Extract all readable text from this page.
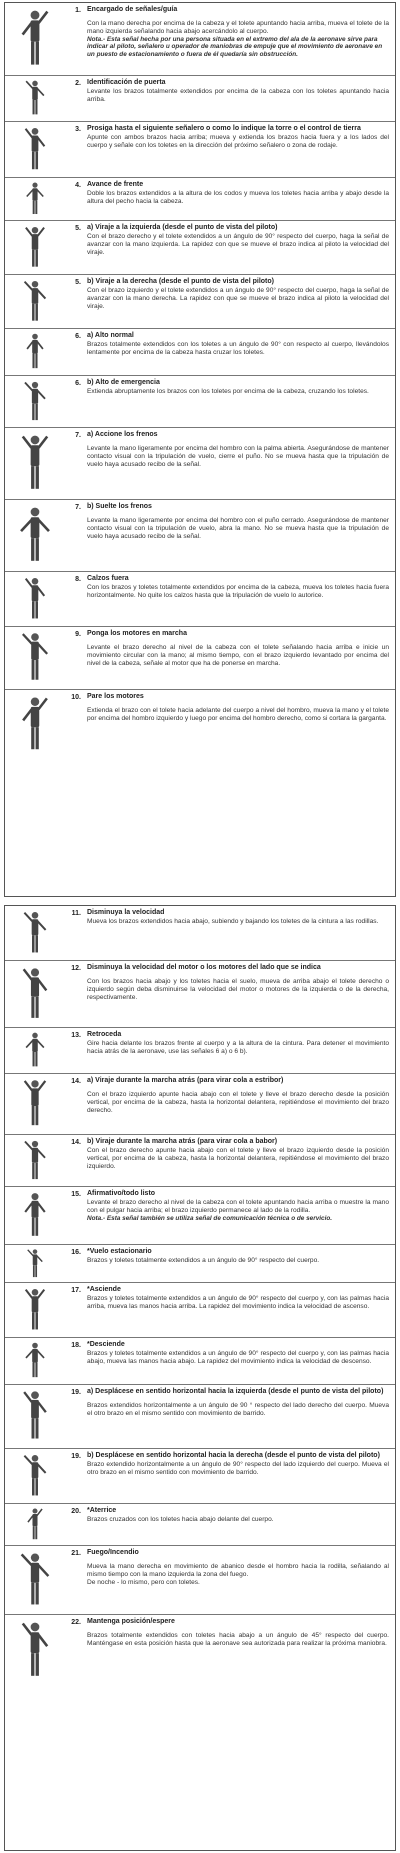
1. Encargado de señales/guía
Con la mano derecha por encima de la cabeza y el tolete apuntando hacia arriba, mueva el tolete de la mano izquierda señalando hacia abajo acercándolo al cuerpo.
Nota.- Esta señal hecha por una persona situada en el extremo del ala de la aeronave sirve para indicar al piloto, señalero u operador de maniobras de empuje que el movimiento de aeronave en un puesto de estacionamiento o fuera de él quedaría sin obstrucción.
2. Identificación de puerta
Levante los brazos totalmente extendidos por encima de la cabeza con los toletes apuntando hacia arriba.
3. Prosiga hasta el siguiente señalero o como lo indique la torre o el control de tierra
Apunte con ambos brazos hacia arriba; mueva y extienda los brazos hacia fuera y a los lados del cuerpo y señale con los toletes en la dirección del próximo señalero o zona de rodaje.
4. Avance de frente
Doble los brazos extendidos a la altura de los codos y mueva los toletes hacia arriba y abajo desde la altura del pecho hacia la cabeza.
5. a) Viraje a la izquierda (desde el punto de vista del piloto)
Con el brazo derecho y el tolete extendidos a un ángulo de 90° respecto del cuerpo, haga la señal de avanzar con la mano izquierda. La rapidez con que se mueve el brazo indica al piloto la velocidad del viraje.
5. b) Viraje a la derecha (desde el punto de vista del piloto)
Con el brazo izquierdo y el tolete extendidos a un ángulo de 90° respecto del cuerpo, haga la señal de avanzar con la mano derecha. La rapidez con que se mueve el brazo indica al piloto la velocidad del viraje.
6. a) Alto normal
Brazos totalmente extendidos con los toletes a un ángulo de 90° con respecto al cuerpo, llevándolos lentamente por encima de la cabeza hasta cruzar los toletes.
6. b) Alto de emergencia
Extienda abruptamente los brazos con los toletes por encima de la cabeza, cruzando los toletes.
7. a) Accione los frenos
Levante la mano ligeramente por encima del hombro con la palma abierta. Asegurándose de mantener contacto visual con la tripulación de vuelo, cierre el puño. No se mueva hasta que la tripulación de vuelo haya acusado recibo de la señal.
7. b) Suelte los frenos
Levante la mano ligeramente por encima del hombro con el puño cerrado. Asegurándose de mantener contacto visual con la tripulación de vuelo, abra la mano. No se mueva hasta que la tripulación de vuelo haya acusado recibo de la señal.
8. Calzos fuera
Con los brazos y toletes totalmente extendidos por encima de la cabeza, mueva los toletes hacia fuera horizontalmente. No quite los calzos hasta que la tripulación de vuelo lo autorice.
9. Ponga los motores en marcha
Levante el brazo derecho al nivel de la cabeza con el tolete señalando hacia arriba e inicie un movimiento circular con la mano; al mismo tiempo, con el brazo izquierdo levantado por encima del nivel de la cabeza, señale al motor que ha de ponerse en marcha.
10. Pare los motores
Extienda el brazo con el tolete hacia adelante del cuerpo a nivel del hombro, mueva la mano y el tolete por encima del hombro izquierdo y luego por encima del hombro derecho, como si cortara la garganta.
11. Disminuya la velocidad
Mueva los brazos extendidos hacia abajo, subiendo y bajando los toletes de la cintura a las rodillas.
12. Disminuya la velocidad del motor o los motores del lado que se indica
Con los brazos hacia abajo y los toletes hacia el suelo, mueva de arriba abajo el tolete derecho o izquierdo según deba disminuirse la velocidad del motor o motores de la izquierda o de la derecha, respectivamente.
13. Retroceda
Gire hacia delante los brazos frente al cuerpo y a la altura de la cintura. Para detener el movimiento hacia atrás de la aeronave, use las señales 6 a) o 6 b).
14. a) Viraje durante la marcha atrás (para virar cola a estribor)
Con el brazo izquierdo apunte hacia abajo con el tolete y lleve el brazo derecho desde la posición vertical, por encima de la cabeza, hasta la horizontal delantera, repitiéndose el movimiento del brazo derecho.
14. b) Viraje durante la marcha atrás (para virar cola a babor)
Con el brazo derecho apunte hacia abajo con el tolete y lleve el brazo izquierdo desde la posición vertical, por encima de la cabeza, hasta la horizontal delantera, repitiéndose el movimiento del brazo izquierdo.
15. Afirmativo/todo listo
Levante el brazo derecho al nivel de la cabeza con el tolete apuntando hacia arriba o muestre la mano con el pulgar hacia arriba; el brazo izquierdo permanece al lado de la rodilla.
Nota.- Esta señal también se utiliza señal de comunicación técnica o de servicio.
16. *Vuelo estacionario
Brazos y toletes totalmente extendidos a un ángulo de 90° respecto del cuerpo.
17. *Asciende
Brazos y toletes totalmente extendidos a un ángulo de 90° respecto del cuerpo y, con las palmas hacia arriba, mueva las manos hacia arriba. La rapidez del movimiento indica la velocidad de ascenso.
18. *Desciende
Brazos y toletes totalmente extendidos a un ángulo de 90° respecto del cuerpo y, con las palmas hacia abajo, mueva las manos hacia abajo. La rapidez del movimiento indica la velocidad de descenso.
19. a) Desplácese en sentido horizontal hacia la izquierda (desde el punto de vista del piloto)
Brazos extendidos horizontalmente a un ángulo de 90 ° respecto del lado derecho del cuerpo. Mueva el otro brazo en el mismo sentido con movimiento de barrido.
19. b) Desplácese en sentido horizontal hacia la derecha (desde el punto de vista del piloto)
Brazo extendido horizontalmente a un ángulo de 90° respecto del lado izquierdo del cuerpo. Mueva el otro brazo en el mismo sentido con movimiento de barrido.
20. *Aterrice
Brazos cruzados con los toletes hacia abajo delante del cuerpo.
21. Fuego/Incendio
Mueva la mano derecha en movimiento de abanico desde el hombro hacia la rodilla, señalando al mismo tiempo con la mano izquierda la zona del fuego.
De noche - lo mismo, pero con toletes.
22. Mantenga posición/espere
Brazos totalmente extendidos con toletes hacia abajo a un ángulo de 45° respecto del cuerpo. Manténgase en esta posición hasta que la aeronave sea autorizada para realizar la próxima maniobra.
